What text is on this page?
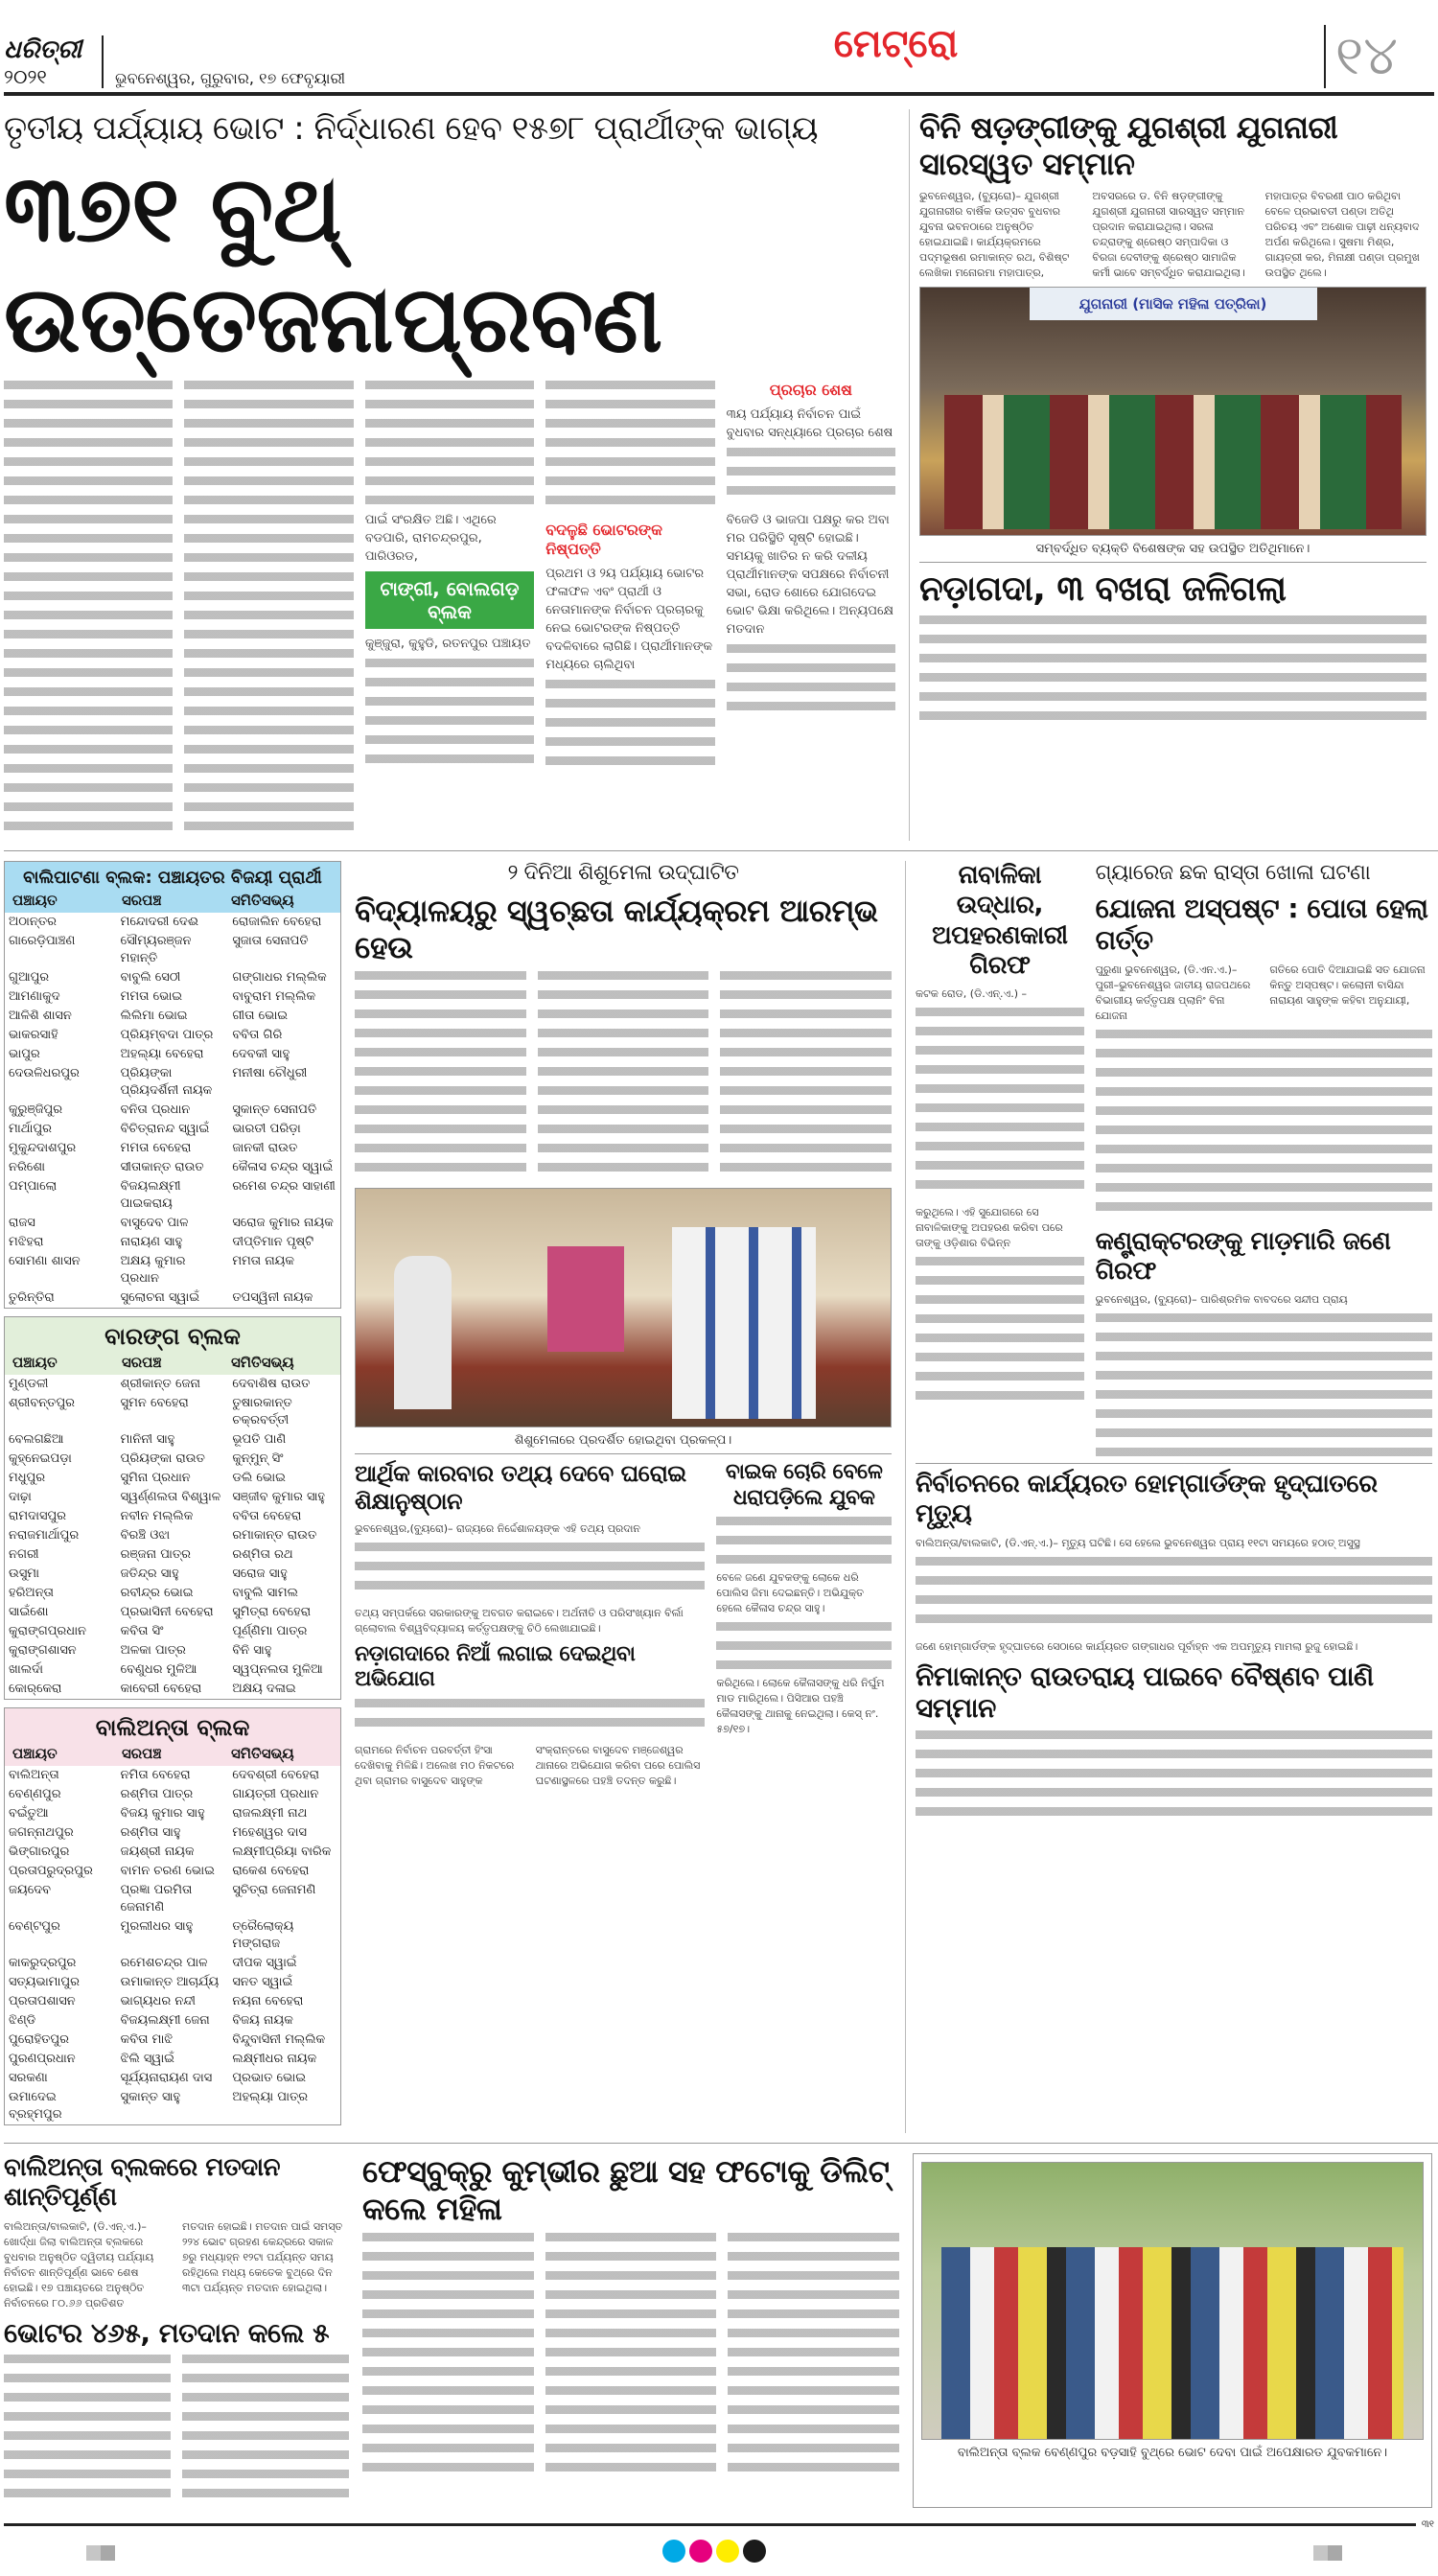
ଧରିତ୍ରୀ
୨୦୨୧	ଭୁବନେଶ୍ୱର, ଗୁରୁବାର, ୧୭ ଫେବୃୟାରୀ
ମେଟ୍ରୋ	୧୪
ତୃତୀୟ ପର୍ଯ୍ୟାୟ ଭୋଟ : ନିର୍ଦ୍ଧାରଣ ହେବ ୧୫୭୮ ପ୍ରାର୍ଥୀଙ୍କ ଭାଗ୍ୟ
୩୭୧ ବୁଥ୍ ଉତ୍ତେଜନାପ୍ରବଣ
ପାଇଁ ସଂରକ୍ଷିତ ଅଛି। ଏଥିରେ ବଡପାରି, ରାମଚନ୍ଦ୍ରପୁର, ପାରିଓରଡ,
ଟାଙ୍ଗୀ, ବୋଲଗଡ଼ ବ୍ଲକ
କୁଞ୍ଜୁରା, କୁହୁଡି, ରତନପୁର ପଞ୍ଚାୟତ
ବଦଳୁଛି ଭୋଟରଙ୍କ ନିଷ୍ପତ୍ତି
ପ୍ରଥମ ଓ ୨ୟ ପର୍ଯ୍ୟାୟ ଭୋଟର ଫଳାଫଳ ଏବଂ ପ୍ରାର୍ଥୀ ଓ ନେତାମାନଙ୍କ ନିର୍ବାଚନ ପ୍ରଚାରକୁ ନେଇ ଭୋଟରଙ୍କ ନିଷ୍ପତ୍ତି ବଦଳିବାରେ ଲାଗିଛି। ପ୍ରାର୍ଥୀମାନଙ୍କ ମଧ୍ୟରେ ଚାଲିଥିବା
ପ୍ରଚାର ଶେଷ
୩ୟ ପର୍ଯ୍ୟାୟ ନିର୍ବାଚନ ପାଇଁ ବୁଧବାର ସନ୍ଧ୍ୟାରେ ପ୍ରଚାର ଶେଷ
ବିଜେଡି ଓ ଭାଜପା ପକ୍ଷରୁ କର ଅବା ମର ପରିସ୍ଥିତି ସୃଷ୍ଟି ହୋଇଛି। ସମୟକୁ ଖାତିର ନ କରି ଦଳୀୟ ପ୍ରାର୍ଥୀମାନଙ୍କ ସପକ୍ଷରେ ନିର୍ବାଚନୀ ସଭା, ରୋଡ ଶୋରେ ଯୋଗଦେଇ ଭୋଟ ଭିକ୍ଷା କରିଥିଲେ। ଅନ୍ୟପକ୍ଷେ ମତଦାନ
ବିନି ଷଡ଼ଙ୍ଗୀଙ୍କୁ ଯୁଗଶ୍ରୀ ଯୁଗନାରୀ ସାରସ୍ୱତ ସମ୍ମାନ
ଭୁବନେଶ୍ୱର, (ବ୍ୟୁରୋ)– ଯୁଗଶ୍ରୀ ଯୁଗନାରୀର ବାର୍ଷିକ ଉତ୍ସବ ବୁଧବାର ଯୁବନା ଭବନଠାରେ ଅନୁଷ୍ଠିତ ହୋଇଯାଇଛି। କାର୍ଯ୍ୟକ୍ରମରେ ପଦ୍ମଭୂଷଣ ରମାକାନ୍ତ ରଥ, ବିଶିଷ୍ଟ ଲେଖିକା ମନୋରମା ମହାପାତ୍ର,
ଅବସରରେ ଡ. ବିନି ଷଡ଼ଙ୍ଗୀଙ୍କୁ ଯୁଗଶ୍ରୀ ଯୁଗନାରୀ ସାରସ୍ୱତ ସମ୍ମାନ ପ୍ରଦାନ କରାଯାଇଥିଲା। ସରଳା ଚନ୍ଦ୍ରାଙ୍କୁ ଶ୍ରେଷ୍ଠ ସମ୍ପାଦିକା ଓ ବିରଜା ଦେବୀଙ୍କୁ ଶ୍ରେଷ୍ଠ ସାମାଜିକ କର୍ମୀ ଭାବେ ସମ୍ବର୍ଦ୍ଧିତ କରାଯାଇଥିଲା।
ମହାପାତ୍ର ବିବରଣୀ ପାଠ କରିଥିବା ବେଳେ ପ୍ରଭାବତୀ ପଣ୍ଡା ଅତିଥି ପରିଚୟ ଏବଂ ଅଶୋକ ପାଢ଼ୀ ଧନ୍ୟବାଦ ଅର୍ପଣ କରିଥିଲେ। ସୁଷମା ମିଶ୍ର, ଗାୟତ୍ରୀ କର, ମିନାକ୍ଷୀ ପଣ୍ଡା ପ୍ରମୁଖ ଉପସ୍ଥିତ ଥିଲେ।
ଯୁଗନାରୀ (ମାସିକ ମହିଳା ପତ୍ରିକା)
ସମ୍ବର୍ଦ୍ଧିତ ବ୍ୟକ୍ତି ବିଶେଷଙ୍କ ସହ ଉପସ୍ଥିତ ଅତିଥିମାନେ।
ନଡ଼ାଗଦା, ୩ ବଖରା ଜଳିଗଲା
ବାଲିପାଟଣା ବ୍ଲକ: ପଞ୍ଚାୟତର ବିଜୟୀ ପ୍ରାର୍ଥୀ
ପଞ୍ଚାୟତ	ସରପଞ୍ଚ	ସମିତିସଭ୍ୟ
ଅଠାନ୍ତର	ମନ୍ଦୋଦରୀ ଦେଈ	ରୋଜାଲିନ ବେହେରା
ଗାରେଡ଼ିପାଞ୍ଚଣ	ସୌମ୍ୟରଞ୍ଜନ ମହାନ୍ତି	ସୁଜାତା ସେନାପତି
ଗୁଆପୁର	ବାବୁଲି ସେଠୀ	ଗଙ୍ଗାଧର ମଲ୍ଲିକ
ଆମଣାକୁଦ	ମମତା ଭୋଇ	ବାବୁରାମ ମଲ୍ଲିକ
ଆଳିଶି ଶାସନ	ଲିଲିମା ଭୋଇ	ଗୀତା ଭୋଇ
ଭାକରସାହି	ପ୍ରିୟମ୍ବଦା ପାତ୍ର	ବବିତା ଗିରି
ଭାପୁର	ଅହଲ୍ୟା ବେହେରା	ଦେବକୀ ସାହୁ
ଦେଉଳିଧରପୁର	ପ୍ରିୟଙ୍କା ପ୍ରିୟଦର୍ଶିନୀ ନାୟକ	ମନୀଷା ଚୌଧୁରୀ
କୁରୁଞ୍ଜିପୁର	ବନିତା ପ୍ରଧାନ	ସୁକାନ୍ତ ସେନାପତି
ମାର୍ଥାପୁର	ବିଚିତ୍ରାନନ୍ଦ ସ୍ୱାଇଁ	ଭାରତୀ ପରିଡ଼ା
ମୁକୁନ୍ଦଦାଶପୁର	ମମତା ବେହେରା	ଜାନକୀ ରାଉତ
ନରିଶୋ	ସୀତାକାନ୍ତ ରାଉତ	କୈଳାସ ଚନ୍ଦ୍ର ସ୍ୱାଇଁ
ପମ୍ପାଲୋ	ବିଜୟଲକ୍ଷ୍ମୀ ପାଇକରାୟ	ରମେଶ ଚନ୍ଦ୍ର ସାହାଣୀ
ରାଜସ	ବାସୁଦେବ ପାଳ	ସରୋଜ କୁମାର ନାୟକ
ମଝିହରା	ନାରାୟଣ ସାହୁ	ଦୀପ୍ତିମାନ ପୃଷ୍ଟି
ସୋମଣା ଶାସନ	ଅକ୍ଷୟ କୁମାର ପ୍ରଧାନ	ମମତା ନାୟକ
ତୁରିନ୍ତିରା	ସୁଲୋଚନା ସ୍ୱାଇଁ	ତପସ୍ୱିନୀ ନାୟକ
ବାରଙ୍ଗ ବ୍ଲକ
ପଞ୍ଚାୟତ	ସରପଞ୍ଚ	ସମିତିସଭ୍ୟ
ମୁଣ୍ଡଳୀ	ଶ୍ରୀକାନ୍ତ ଜେନା	ଦେବାଶିଷ ରାଉତ
ଶ୍ରୀବନ୍ତପୁର	ସୁମନ ବେହେରା	ତୁଷାରକାନ୍ତ ଚକ୍ରବର୍ତ୍ତୀ
ବେଲଗଛିଆ	ମାନିନୀ ସାହୁ	ଭୂପତି ପାଣି
କୁହ୍ନେଇପଡ଼ା	ପ୍ରିୟଙ୍କା ରାଉତ	କୁନ୍‌ମୁନ୍ ସିଂ
ମଧୁପୁର	ସୁମିନା ପ୍ରଧାନ	ଡଲି ଭୋଇ
ଦାଢ଼ା	ସ୍ୱର୍ଣ୍ଣଲତା ବିଶ୍ୱାଳ	ସଞ୍ଜୀବ କୁମାର ସାହୁ
ରାମଦାସପୁର	ନବୀନ ମଲ୍ଲିକ	ବବିତା ବେହେରା
ନରାଜମାର୍ଥାପୁର	ବିରଞ୍ଚି ଓଝା	ରମାକାନ୍ତ ରାଉତ
ନଗରୀ	ରଞ୍ଜନା ପାତ୍ର	ରଶ୍ମିତା ରଥ
ଉସୁମା	ଜତିନ୍ଦ୍ର ସାହୁ	ସରୋଜ ସାହୁ
ହରିଅନ୍ତା	ରବୀନ୍ଦ୍ର ଭୋଇ	ବାବୁଲି ସାମଲ
ସାଇଁଶୋ	ପ୍ରଭାସିନୀ ବେହେରା	ସୁମିତ୍ରା ବେହେରା
କୁରାଙ୍ଗପ୍ରଧାନ	କବିତା ସିଂ	ପୂର୍ଣ୍ଣିମା ପାତ୍ର
କୁରାଙ୍ଗଶାସନ	ଅଳକା ପାତ୍ର	ବିନି ସାହୁ
ଖାଲର୍ଦା	ବେଣୁଧର ମୁଳିଆ	ସ୍ୱପ୍ନଲତା ମୁଳିଆ
କୋର୍‌କେରା	କାବେରୀ ବେହେରା	ଅକ୍ଷୟ ଦଳାଇ
ବାଲିଅନ୍ତା ବ୍ଲକ
ପଞ୍ଚାୟତ	ସରପଞ୍ଚ	ସମିତିସଭ୍ୟ
ବାଲିଅନ୍ତା	ନମିତା ବେହେରା	ଦେବଶ୍ରୀ ବେହେରା
ବେଣ୍ଣପୁର	ରଶ୍ମିତା ପାତ୍ର	ଗାୟତ୍ରୀ ପ୍ରଧାନ
ବଇଁତୁଆ	ବିଜୟ କୁମାର ସାହୁ	ରାଜଲକ୍ଷ୍ମୀ ନାଥ
ଜଗନ୍ନାଥପୁର	ରଶ୍ମିତା ସାହୁ	ମହେଶ୍ୱର ଦାସ
ଭିଙ୍ଗାରପୁର	ଜୟଶ୍ରୀ ନାୟକ	ଲକ୍ଷ୍ମୀପ୍ରିୟା ବାରିକ
ପ୍ରତାପରୁଦ୍ରପୁର	ବାମନ ଚରଣ ଭୋଇ	ରାକେଶ ବେହେରା
ଜୟଦେବ	ପ୍ରଜ୍ଞା ପରମିତା ଜେନାମଣି	ସୁଚିତ୍ରା ଜେନାମଣି
ବେଣ୍ଟପୁର	ମୁରଲୀଧର ସାହୁ	ତ୍ରୈଲୋକ୍ୟ ମଙ୍ଗରାଜ
କାକରୁଦ୍ରପୁର	ରମେଶଚନ୍ଦ୍ର ପାଳ	ଦୀପକ ସ୍ୱାଇଁ
ସତ୍ୟଭାମାପୁର	ଉମାକାନ୍ତ ଆଚାର୍ଯ୍ୟ	ସନତ ସ୍ୱାଇଁ
ପ୍ରତାପଶାସନ	ଭାଗ୍ୟଧର ନନ୍ଦୀ	ନୟନା ବେହେରା
ଝିଣ୍ଡି	ବିଜୟଲକ୍ଷ୍ମୀ ଜେନା	ବିଜୟ ନାୟକ
ପୁରୋହିତପୁର	କବିତା ମାଝି	ବିନ୍ଦୁବାସିନୀ ମଲ୍ଲିକ
ପୁରଣପ୍ରଧାନ	ଝିଲି ସ୍ୱାଇଁ	ଲକ୍ଷ୍ମୀଧର ନାୟକ
ସରକଣା	ସୂର୍ଯ୍ୟନାରାୟଣ ଦାସ	ପ୍ରଭାତ ଭୋଇ
ଉମାଦେଇ ବ୍ରହ୍ମପୁର	ସୁକାନ୍ତ ସାହୁ	ଅହଲ୍ୟା ପାତ୍ର
୨ ଦିନିଆ ଶିଶୁମେଳା ଉଦ୍‌ଘାଟିତ
ବିଦ୍ୟାଳୟରୁ ସ୍ୱଚ୍ଛତା କାର୍ଯ୍ୟକ୍ରମ ଆରମ୍ଭ ହେଉ
ଶିଶୁମେଳାରେ ପ୍ରଦର୍ଶିତ ହୋଇଥିବା ପ୍ରକଳ୍ପ।
ଆର୍ଥିକ କାରବାର ତଥ୍ୟ ଦେବେ ଘରୋଇ ଶିକ୍ଷାନୁଷ୍ଠାନ
ଭୁବନେଶ୍ୱର,(ବ୍ୟୁରୋ)– ରାଜ୍ୟରେ ନିର୍ଦ୍ଦେଶାଳୟଙ୍କ ଏହି ତଥ୍ୟ ପ୍ରଦାନ
ତଥ୍ୟ ସମ୍ପର୍କରେ ସରକାରଙ୍କୁ ଅବଗତ କରାଇବେ। ଅର୍ଥନୀତି ଓ ପରିସଂଖ୍ୟାନ ବିର୍ଲା ଗ୍ଲୋବାଲ ବିଶ୍ୱବିଦ୍ୟାଳୟ କର୍ତ୍ତୃପକ୍ଷଙ୍କୁ ଚିଠି ଲେଖାଯାଇଛି।
ନଡ଼ାଗଦାରେ ନିଆଁ ଲଗାଇ ଦେଇଥିବା ଅଭିଯୋଗ
ଗ୍ରାମରେ ନିର୍ବାଚନ ପରବର୍ତ୍ତୀ ହିଂସା ଦେଖିବାକୁ ମିଳିଛି। ଅଲେଖ ମଠ ନିକଟରେ ଥିବା ଗ୍ରାମର ବାସୁଦେବ ସାହୁଙ୍କ
ସଂକ୍ରାନ୍ତରେ ବାସୁଦେବ ମଞ୍ଜେଶ୍ୱର ଥାନାରେ ଅଭିଯୋଗ କରିବା ପରେ ପୋଲିସ ଘଟଣାସ୍ଥଳରେ ପହଞ୍ଚି ତଦନ୍ତ କରୁଛି।
ବାଇକ ଚୋରି ବେଳେ ଧରାପଡ଼ିଲେ ଯୁବକ
ବେଳେ ଜଣେ ଯୁବକଙ୍କୁ ଲୋକେ ଧରି ପୋଲିସ ଜିମା ଦେଇଛନ୍ତି। ଅଭିଯୁକ୍ତ ହେଲେ କୈଳାସ ଚନ୍ଦ୍ର ସାହୁ।
କରିଥିଲେ। ଲୋକେ କୈଳାସଙ୍କୁ ଧରି ନିର୍ଘୁମ ମାଡ ମାରିଥିଲେ। ପିସିଆର ପହଞ୍ଚି କୈଳାସଙ୍କୁ ଥାନାକୁ ନେଇଥିଲା। କେସ୍ ନଂ. ୫୭/୧୭।
ନାବାଳିକା ଉଦ୍ଧାର, ଅପହରଣକାରୀ ଗିରଫ
କଟକ ରୋଡ, (ଡି.ଏନ୍.ଏ.) –
କରୁଥିଲେ। ଏହି ସୁଯୋଗରେ ସେ ନାବାଳିକାଙ୍କୁ ଅପହରଣ କରିବା ପରେ ତାଙ୍କୁ ଓଡ଼ିଶାର ବିଭିନ୍ନ
ଗ୍ୟାରେଜ ଛକ ରାସ୍ତା ଖୋଳା ଘଟଣା
ଯୋଜନା ଅସ୍ପଷ୍ଟ : ପୋତା ହେଲା ଗର୍ତ୍ତ
ପୁରୁଣା ଭୁବନେଶ୍ୱର, (ଡି.ଏନ.ଏ.)– ପୁରୀ–ଭୁବନେଶ୍ୱର ଜାତୀୟ ରାଜପଥରେ ବିଭାଗୀୟ କର୍ତ୍ତୃପକ୍ଷ ପ୍ଲାନିଂ ବିନା ଯୋଜନା
ଗତିରେ ପୋତି ଦିଆଯାଇଛି ସତ ଯୋଜନା କିନ୍ତୁ ଅସ୍ପଷ୍ଟ। କଲୋନୀ ବାସିନ୍ଦା ନାରାୟଣ ସାହୁଙ୍କ କହିବା ଅନୁଯାୟୀ,
କଣ୍ଟ୍ରାକ୍ଟରଙ୍କୁ ମାଡ଼ମାରି ଜଣେ ଗିରଫ
ଭୁବନେଶ୍ୱର, (ବ୍ୟୁରୋ)– ପାରିଶ୍ରମିକ ବାବଦରେ ସନ୍ଦୀପ ପ୍ରାୟ
ନିର୍ବାଚନରେ କାର୍ଯ୍ୟରତ ହୋମ୍‌ଗାର୍ଡଙ୍କ ହୃଦ୍‌ଘାତରେ ମୃତ୍ୟୁ
ବାଲିଅନ୍ତା/ବାଲକାଟି, (ଡି.ଏନ୍.ଏ.)– ମୃତ୍ୟୁ ଘଟିଛି। ସେ ହେଲେ ଭୁବନେଶ୍ୱର ପ୍ରାୟ ୧୧ଟା ସମୟରେ ହଠାତ୍ ଅସୁସ୍ଥ
ଜଣେ ହୋମ୍‌ଗାର୍ଡଙ୍କ ହୃଦ୍‌ଘାତରେ ସେଠାରେ କାର୍ଯ୍ୟରତ ଗଙ୍ଗାଧର ପୂର୍ବାହ୍ନ ଏକ ଅପମୃତ୍ୟୁ ମାମଲା ରୁଜୁ ହୋଇଛି।
ନିମାକାନ୍ତ ରାଉତରାୟ ପାଇବେ ବୈଷ୍ଣବ ପାଣି ସମ୍ମାନ
ବାଲିଅନ୍ତା ବ୍ଲକରେ ମତଦାନ ଶାନ୍ତିପୂର୍ଣ୍ଣ
ବାଲିଅନ୍ତା/ବାଲକାଟି, (ଡି.ଏନ୍.ଏ.)– ଖୋର୍ଦ୍ଧା ଜିଲା ବାଲିଅନ୍ତା ବ୍ଲକରେ ବୁଧବାର ଅନୁଷ୍ଠିତ ଦ୍ୱିତୀୟ ପର୍ଯ୍ୟାୟ ନିର୍ବାଚନ ଶାନ୍ତିପୂର୍ଣ୍ଣ ଭାବେ ଶେଷ ହୋଇଛି। ୧୭ ପଞ୍ଚାୟତରେ ଅନୁଷ୍ଠିତ ନିର୍ବାଚନରେ ୮୦.୬୬ ପ୍ରତିଶତ
ମତଦାନ ହୋଇଛି। ମତଦାନ ପାଇଁ ସମସ୍ତ ୨୨୪ ଭୋଟ ଗ୍ରହଣ କେନ୍ଦ୍ରରେ ସକାଳ ୭ରୁ ମଧ୍ୟାହ୍ନ ୧୨ଟା ପର୍ଯ୍ୟନ୍ତ ସମୟ ରହିଥିଲେ ମଧ୍ୟ କେତେକ ବୁଥ୍‌ରେ ଦିନ ୩ଟା ପର୍ଯ୍ୟନ୍ତ ମତଦାନ ହୋଇଥିଲା।
ଭୋଟର ୪୬୫, ମତଦାନ କଲେ ୫
ଫେସ୍‌ବୁକ୍‌ରୁ କୁମ୍ଭୀର ଛୁଆ ସହ ଫଟୋକୁ ଡିଲିଟ୍ କଲେ ମହିଳା
ବାଲିଅନ୍ତା ବ୍ଲକ ବେଣ୍ଣପୁର ବଡ଼ସାହି ବୁଥ୍‌ରେ ଭୋଟ ଦେବା ପାଇଁ ଅପେକ୍ଷାରତ ଯୁବକମାନେ।
୩୧
